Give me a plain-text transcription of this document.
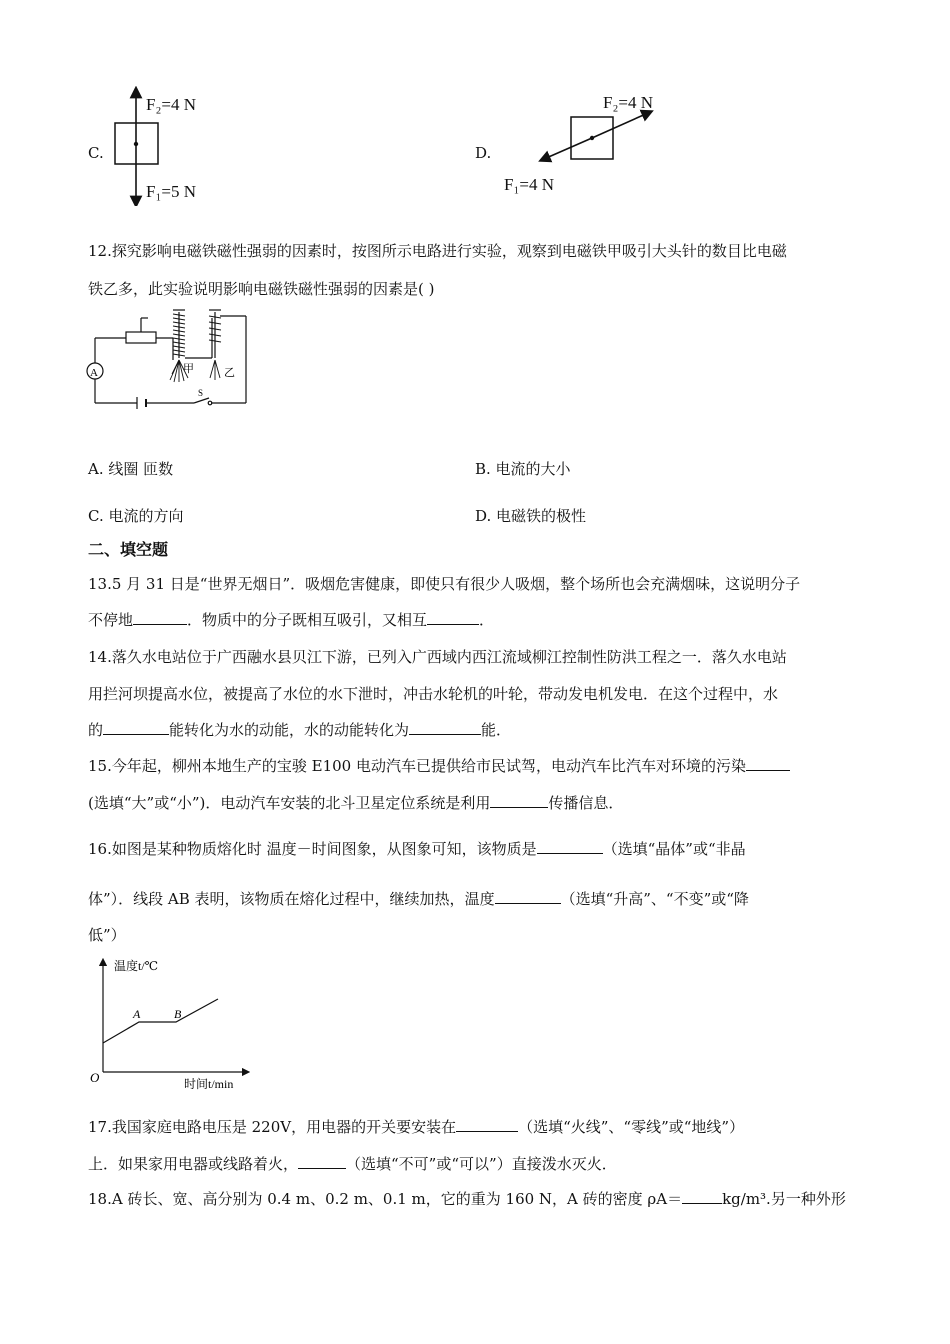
C.
F₂=4 N
F₁=5 N
D.
F₂=4 N
F₁=4 N
12.探究影响电磁铁磁性强弱的因素时，按图所示电路进行实验，观察到电磁铁甲吸引大头针的数目比电磁
铁乙多，此实验说明影响电磁铁磁性强弱的因素是( )
A	甲	乙
S
A. 线圈 匝数	B. 电流的大小
C. 电流的方向	D. 电磁铁的极性
二、填空题
13.5 月 31 日是“世界无烟日”．吸烟危害健康，即使只有很少人吸烟，整个场所也会充满烟味，这说明分子
不停地	．物质中的分子既相互吸引，又相互	．
14.落久水电站位于广西融水县贝江下游，已列入广西域内西江流域柳江控制性防洪工程之一．落久水电站
用拦河坝提高水位，被提高了水位的水下泄时，冲击水轮机的叶轮，带动发电机发电．在这个过程中，水
的	能转化为水的动能，水的动能转化为	能．
15.今年起，柳州本地生产的宝骏 E100 电动汽车已提供给市民试驾，电动汽车比汽车对环境的污染
(选填“大”或“小”)．电动汽车安装的北斗卫星定位系统是利用	传播信息．
16.如图是某种物质熔化时 温度－时间图象，从图象可知，该物质是	（选填“晶体”或“非晶
体”）．线段 AB 表明，该物质在熔化过程中，继续加热，温度	（选填“升高”、“不变”或“降
低”）
温度t/℃
时间t/min
O
A	B
17.我国家庭电路电压是 220V，用电器的开关要安装在	（选填“火线”、“零线”或“地线”）
上．如果家用电器或线路着火，	（选填“不可”或“可以”）直接泼水灭火．
18.A 砖长、宽、高分别为 0.4 m、0.2 m、0.1 m，它的重为 160 N，A 砖的密度 ρA＝	kg/m³.另一种外形
